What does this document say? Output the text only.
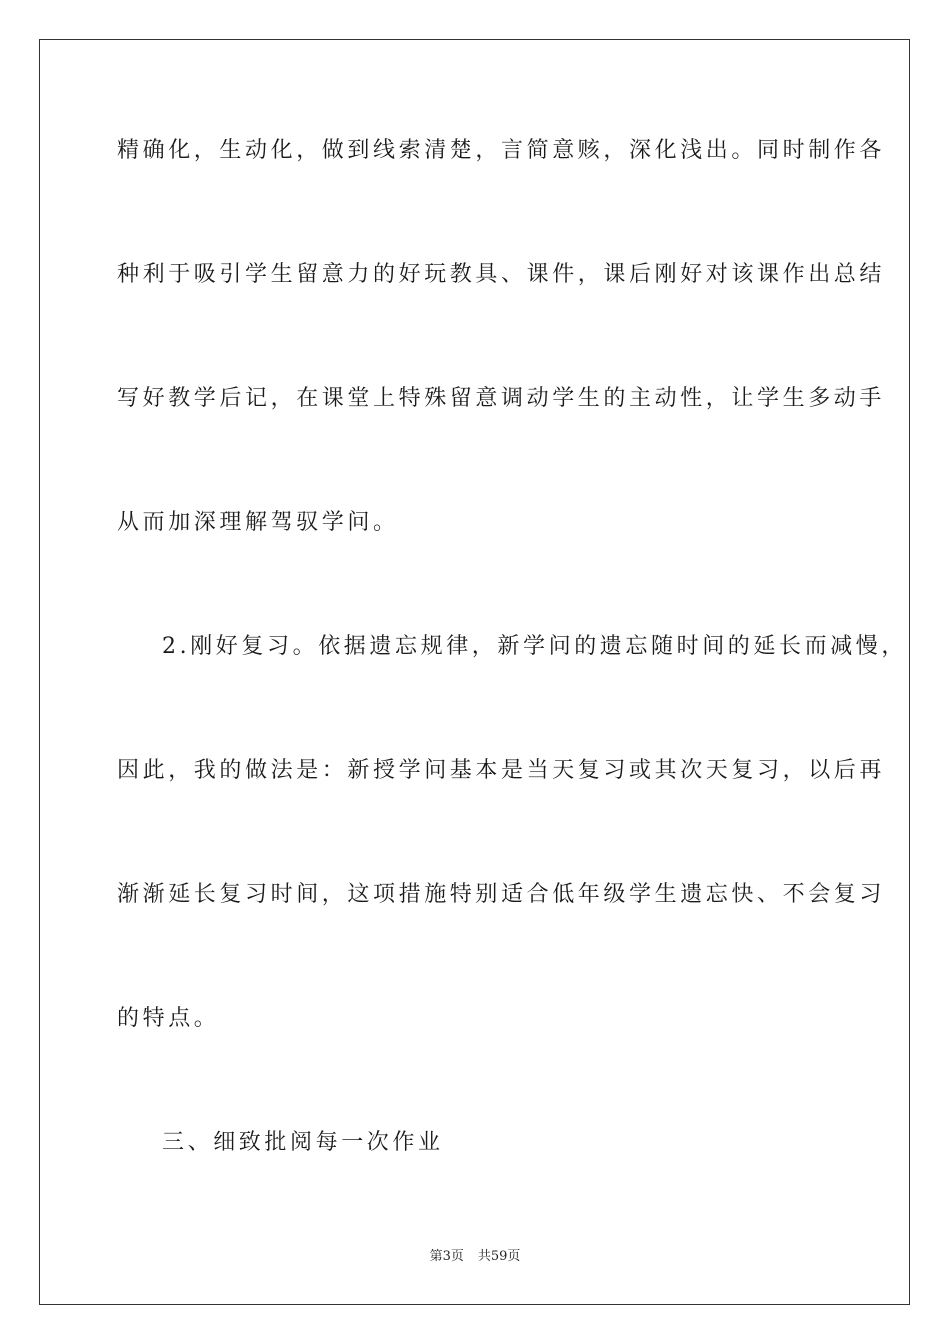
精确化，生动化，做到线索清楚，言简意赅，深化浅出。同时制作各
种利于吸引学生留意力的好玩教具、课件，课后刚好对该课作出总结
写好教学后记，在课堂上特殊留意调动学生的主动性，让学生多动手
从而加深理解驾驭学问。
2.刚好复习。依据遗忘规律，新学问的遗忘随时间的延长而减慢，
因此，我的做法是：新授学问基本是当天复习或其次天复习，以后再
渐渐延长复习时间，这项措施特别适合低年级学生遗忘快、不会复习
的特点。
三、细致批阅每一次作业
第3页 共59页
